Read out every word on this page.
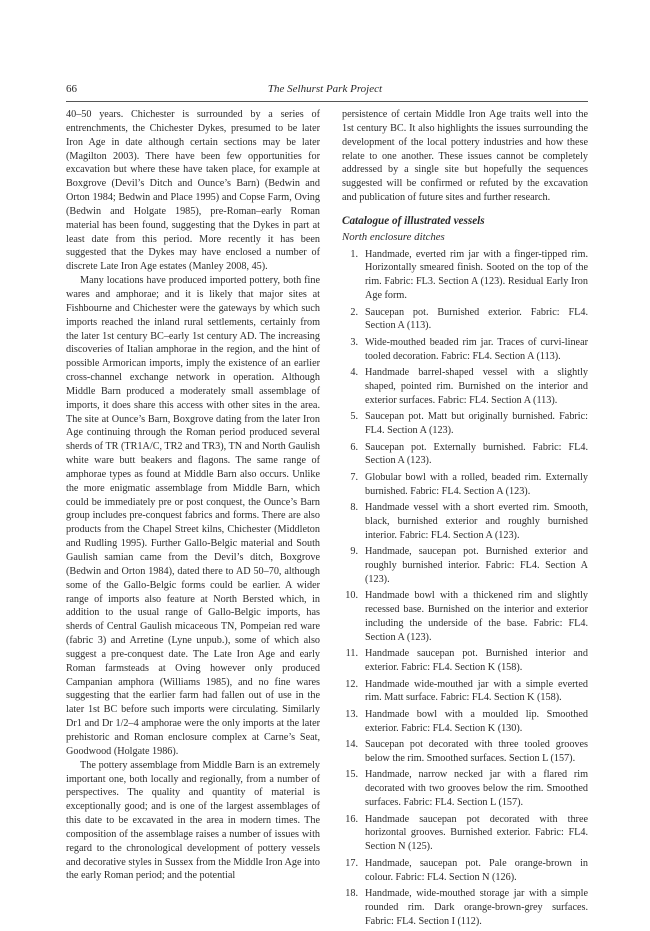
66	The Selhurst Park Project

40–50 years. Chichester is surrounded by a series of entrenchments, the Chichester Dykes, presumed to be later Iron Age in date although certain sections may be later (Magilton 2003). There have been few opportunities for excavation but where these have taken place, for example at Boxgrove (Devil’s Ditch and Ounce’s Barn) (Bedwin and Orton 1984; Bedwin and Place 1995) and Copse Farm, Oving (Bedwin and Holgate 1985), pre-Roman–early Roman material has been found, suggesting that the Dykes in part at least date from this period. More recently it has been suggested that the Dykes may have enclosed a number of discrete Late Iron Age estates (Manley 2008, 45).

Many locations have produced imported pottery, both fine wares and amphorae; and it is likely that major sites at Fishbourne and Chichester were the gateways by which such imports reached the inland rural settlements, certainly from the later 1st century BC–early 1st century AD. The increasing discoveries of Italian amphorae in the region, and the hint of possible Armorican imports, imply the existence of an earlier cross-channel exchange network in operation. Although Middle Barn produced a moderately small assemblage of imports, it does share this access with other sites in the area. The site at Ounce’s Barn, Boxgrove dating from the later Iron Age continuing through the Roman period produced several sherds of TR (TR1A/C, TR2 and TR3), TN and North Gaulish white ware butt beakers and flagons. The same range of amphorae types as found at Middle Barn also occurs. Unlike the more enigmatic assemblage from Middle Barn, which could be immediately pre or post conquest, the Ounce’s Barn group includes pre-conquest fabrics and forms. There are also products from the Chapel Street kilns, Chichester (Middleton and Rudling 1995). Further Gallo-Belgic material and South Gaulish samian came from the Devil’s ditch, Boxgrove (Bedwin and Orton 1984), dated there to AD 50–70, although some of the Gallo-Belgic forms could be earlier. A wider range of imports also feature at North Bersted which, in addition to the usual range of Gallo-Belgic imports, has sherds of Central Gaulish micaceous TN, Pompeian red ware (fabric 3) and Arretine (Lyne unpub.), some of which also suggest a pre-conquest date. The Late Iron Age and early Roman farmsteads at Oving however only produced Campanian amphora (Williams 1985), and no fine wares suggesting that the earlier farm had fallen out of use in the later 1st BC before such imports were circulating. Similarly Dr1 and Dr 1/2–4 amphorae were the only imports at the later prehistoric and Roman enclosure complex at Carne’s Seat, Goodwood (Holgate 1986).

The pottery assemblage from Middle Barn is an extremely important one, both locally and regionally, from a number of perspectives. The quality and quantity of material is exceptionally good; and is one of the largest assemblages of this date to be excavated in the area in modern times. The composition of the assemblage raises a number of issues with regard to the chronological development of pottery vessels and decorative styles in Sussex from the Middle Iron Age into the early Roman period; and the potential

persistence of certain Middle Iron Age traits well into the 1st century BC. It also highlights the issues surrounding the development of the local pottery industries and how these relate to one another. These issues cannot be completely addressed by a single site but hopefully the sequences suggested will be confirmed or refuted by the excavation and publication of future sites and further research.

Catalogue of illustrated vessels
North enclosure ditches
1. Handmade, everted rim jar with a finger-tipped rim. Horizontally smeared finish. Sooted on the top of the rim. Fabric: FL3. Section A (123). Residual Early Iron Age form.
2. Saucepan pot. Burnished exterior. Fabric: FL4. Section A (113).
3. Wide-mouthed beaded rim jar. Traces of curvi-linear tooled decoration. Fabric: FL4. Section A (113).
4. Handmade barrel-shaped vessel with a slightly shaped, pointed rim. Burnished on the interior and exterior surfaces. Fabric: FL4. Section A (113).
5. Saucepan pot. Matt but originally burnished. Fabric: FL4. Section A (123).
6. Saucepan pot. Externally burnished. Fabric: FL4. Section A (123).
7. Globular bowl with a rolled, beaded rim. Externally burnished. Fabric: FL4. Section A (123).
8. Handmade vessel with a short everted rim. Smooth, black, burnished exterior and roughly burnished interior. Fabric: FL4. Section A (123).
9. Handmade, saucepan pot. Burnished exterior and roughly burnished interior. Fabric: FL4. Section A (123).
10. Handmade bowl with a thickened rim and slightly recessed base. Burnished on the interior and exterior including the underside of the base. Fabric: FL4. Section A (123).
11. Handmade saucepan pot. Burnished interior and exterior. Fabric: FL4. Section K (158).
12. Handmade wide-mouthed jar with a simple everted rim. Matt surface. Fabric: FL4. Section K (158).
13. Handmade bowl with a moulded lip. Smoothed exterior. Fabric: FL4. Section K (130).
14. Saucepan pot decorated with three tooled grooves below the rim. Smoothed surfaces. Section L (157).
15. Handmade, narrow necked jar with a flared rim decorated with two grooves below the rim. Smoothed surfaces. Fabric: FL4. Section L (157).
16. Handmade saucepan pot decorated with three horizontal grooves. Burnished exterior. Fabric: FL4. Section N (125).
17. Handmade, saucepan pot. Pale orange-brown in colour. Fabric: FL4. Section N (126).
18. Handmade, wide-mouthed storage jar with a simple rounded rim. Dark orange-brown-grey surfaces. Fabric: FL4. Section I (112).
